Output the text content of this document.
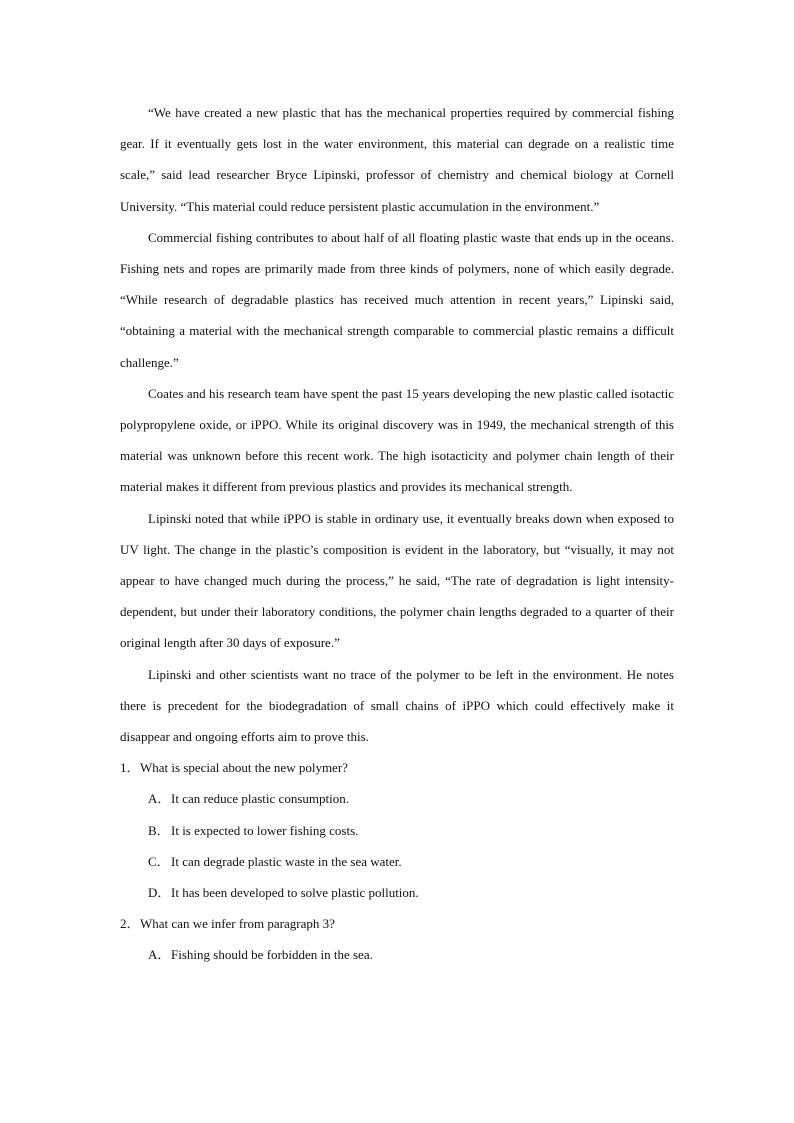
“We have created a new plastic that has the mechanical properties required by commercial fishing gear. If it eventually gets lost in the water environment, this material can degrade on a realistic time scale,” said lead researcher Bryce Lipinski, professor of chemistry and chemical biology at Cornell University. “This material could reduce persistent plastic accumulation in the environment.”

Commercial fishing contributes to about half of all floating plastic waste that ends up in the oceans. Fishing nets and ropes are primarily made from three kinds of polymers, none of which easily degrade. “While research of degradable plastics has received much attention in recent years,” Lipinski said, “obtaining a material with the mechanical strength comparable to commercial plastic remains a difficult challenge.”

Coates and his research team have spent the past 15 years developing the new plastic called isotactic polypropylene oxide, or iPPO. While its original discovery was in 1949, the mechanical strength of this material was unknown before this recent work. The high isotacticity and polymer chain length of their material makes it different from previous plastics and provides its mechanical strength.

Lipinski noted that while iPPO is stable in ordinary use, it eventually breaks down when exposed to UV light. The change in the plastic’s composition is evident in the laboratory, but “visually, it may not appear to have changed much during the process,” he said, “The rate of degradation is light intensity-dependent, but under their laboratory conditions, the polymer chain lengths degraded to a quarter of their original length after 30 days of exposure.”

Lipinski and other scientists want no trace of the polymer to be left in the environment. He notes there is precedent for the biodegradation of small chains of iPPO which could effectively make it disappear and ongoing efforts aim to prove this.

1．What is special about the new polymer?

A．It can reduce plastic consumption.

B．It is expected to lower fishing costs.

C．It can degrade plastic waste in the sea water.

D．It has been developed to solve plastic pollution.

2．What can we infer from paragraph 3?

A．Fishing should be forbidden in the sea.
